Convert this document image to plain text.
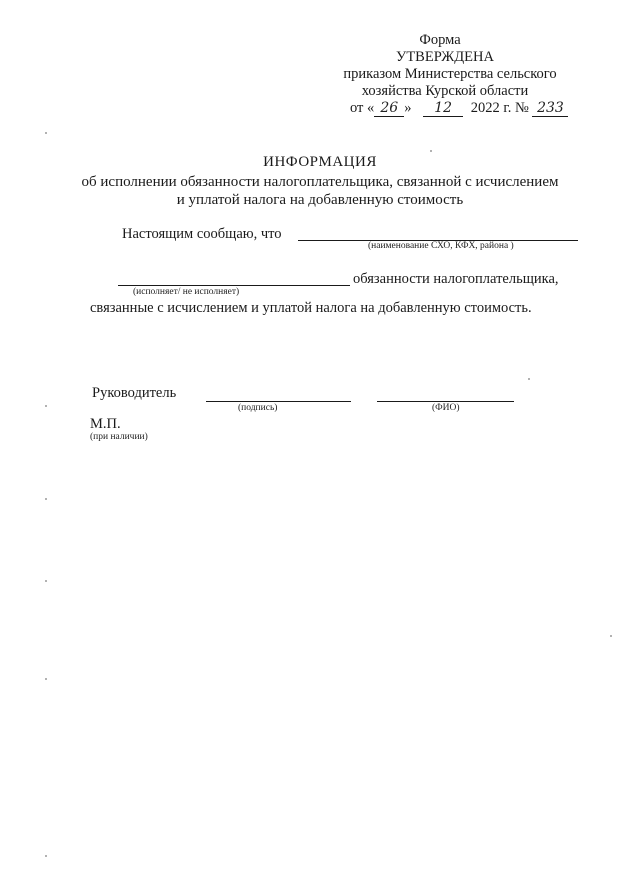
Форма
УТВЕРЖДЕНА
приказом Министерства сельского
хозяйства Курской области
от « 26 » 12 2022 г. № 233
ИНФОРМАЦИЯ
об исполнении обязанности налогоплательщика, связанной с исчислением
и уплатой налога на добавленную стоимость
Настоящим сообщаю, что
(наименование СХО, КФХ, района )
обязанности налогоплательщика,
(исполняет/ не исполняет)
связанные с исчислением и уплатой налога на добавленную стоимость.
Руководитель
(подпись)	(ФИО)
М.П.
(при наличии)
